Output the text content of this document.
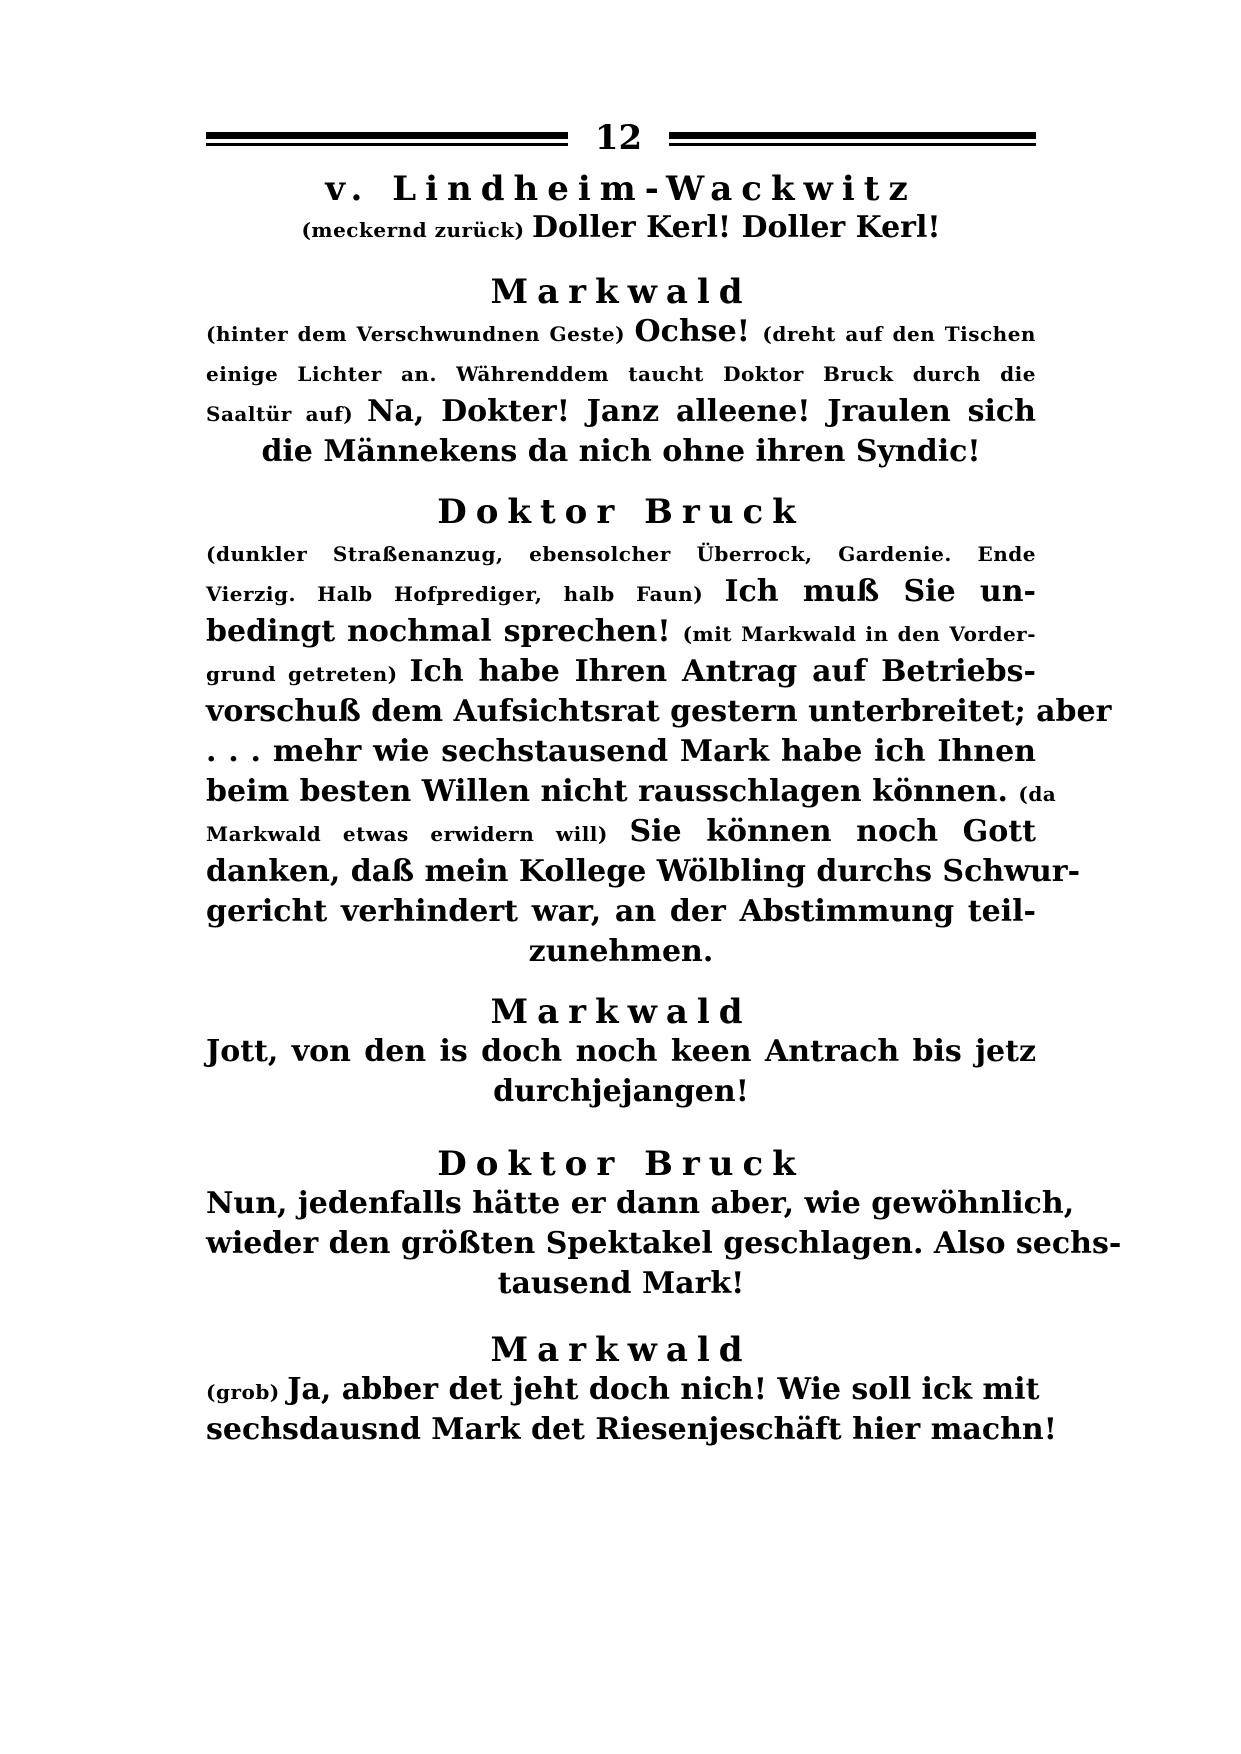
12
v. Lindheim-Wackwitz
(meckernd zurück) Doller Kerl! Doller Kerl!
Markwald
(hinter dem Verschwundnen Geste) Ochse! (dreht auf den Tischen
einige Lichter an. Währenddem taucht Doktor Bruck durch die
Saaltür auf) Na, Dokter! Janz alleene! Jraulen sich
die Männekens da nich ohne ihren Syndic!
Doktor Bruck
(dunkler Straßenanzug, ebensolcher Überrock, Gardenie. Ende
Vierzig. Halb Hofprediger, halb Faun) Ich muß Sie un-
bedingt nochmal sprechen! (mit Markwald in den Vorder-
grund getreten) Ich habe Ihren Antrag auf Betriebs-
vorschuß dem Aufsichtsrat gestern unterbreitet; aber
. . . mehr wie sechstausend Mark habe ich Ihnen
beim besten Willen nicht rausschlagen können. (da
Markwald etwas erwidern will) Sie können noch Gott
danken, daß mein Kollege Wölbling durchs Schwur-
gericht verhindert war, an der Abstimmung teil-
zunehmen.
Markwald
Jott, von den is doch noch keen Antrach bis jetz
durchjejangen!
Doktor Bruck
Nun, jedenfalls hätte er dann aber, wie gewöhnlich,
wieder den größten Spektakel geschlagen. Also sechs-
tausend Mark!
Markwald
(grob) Ja, abber det jeht doch nich! Wie soll ick mit
sechsdausnd Mark det Riesenjeschäft hier machn!
